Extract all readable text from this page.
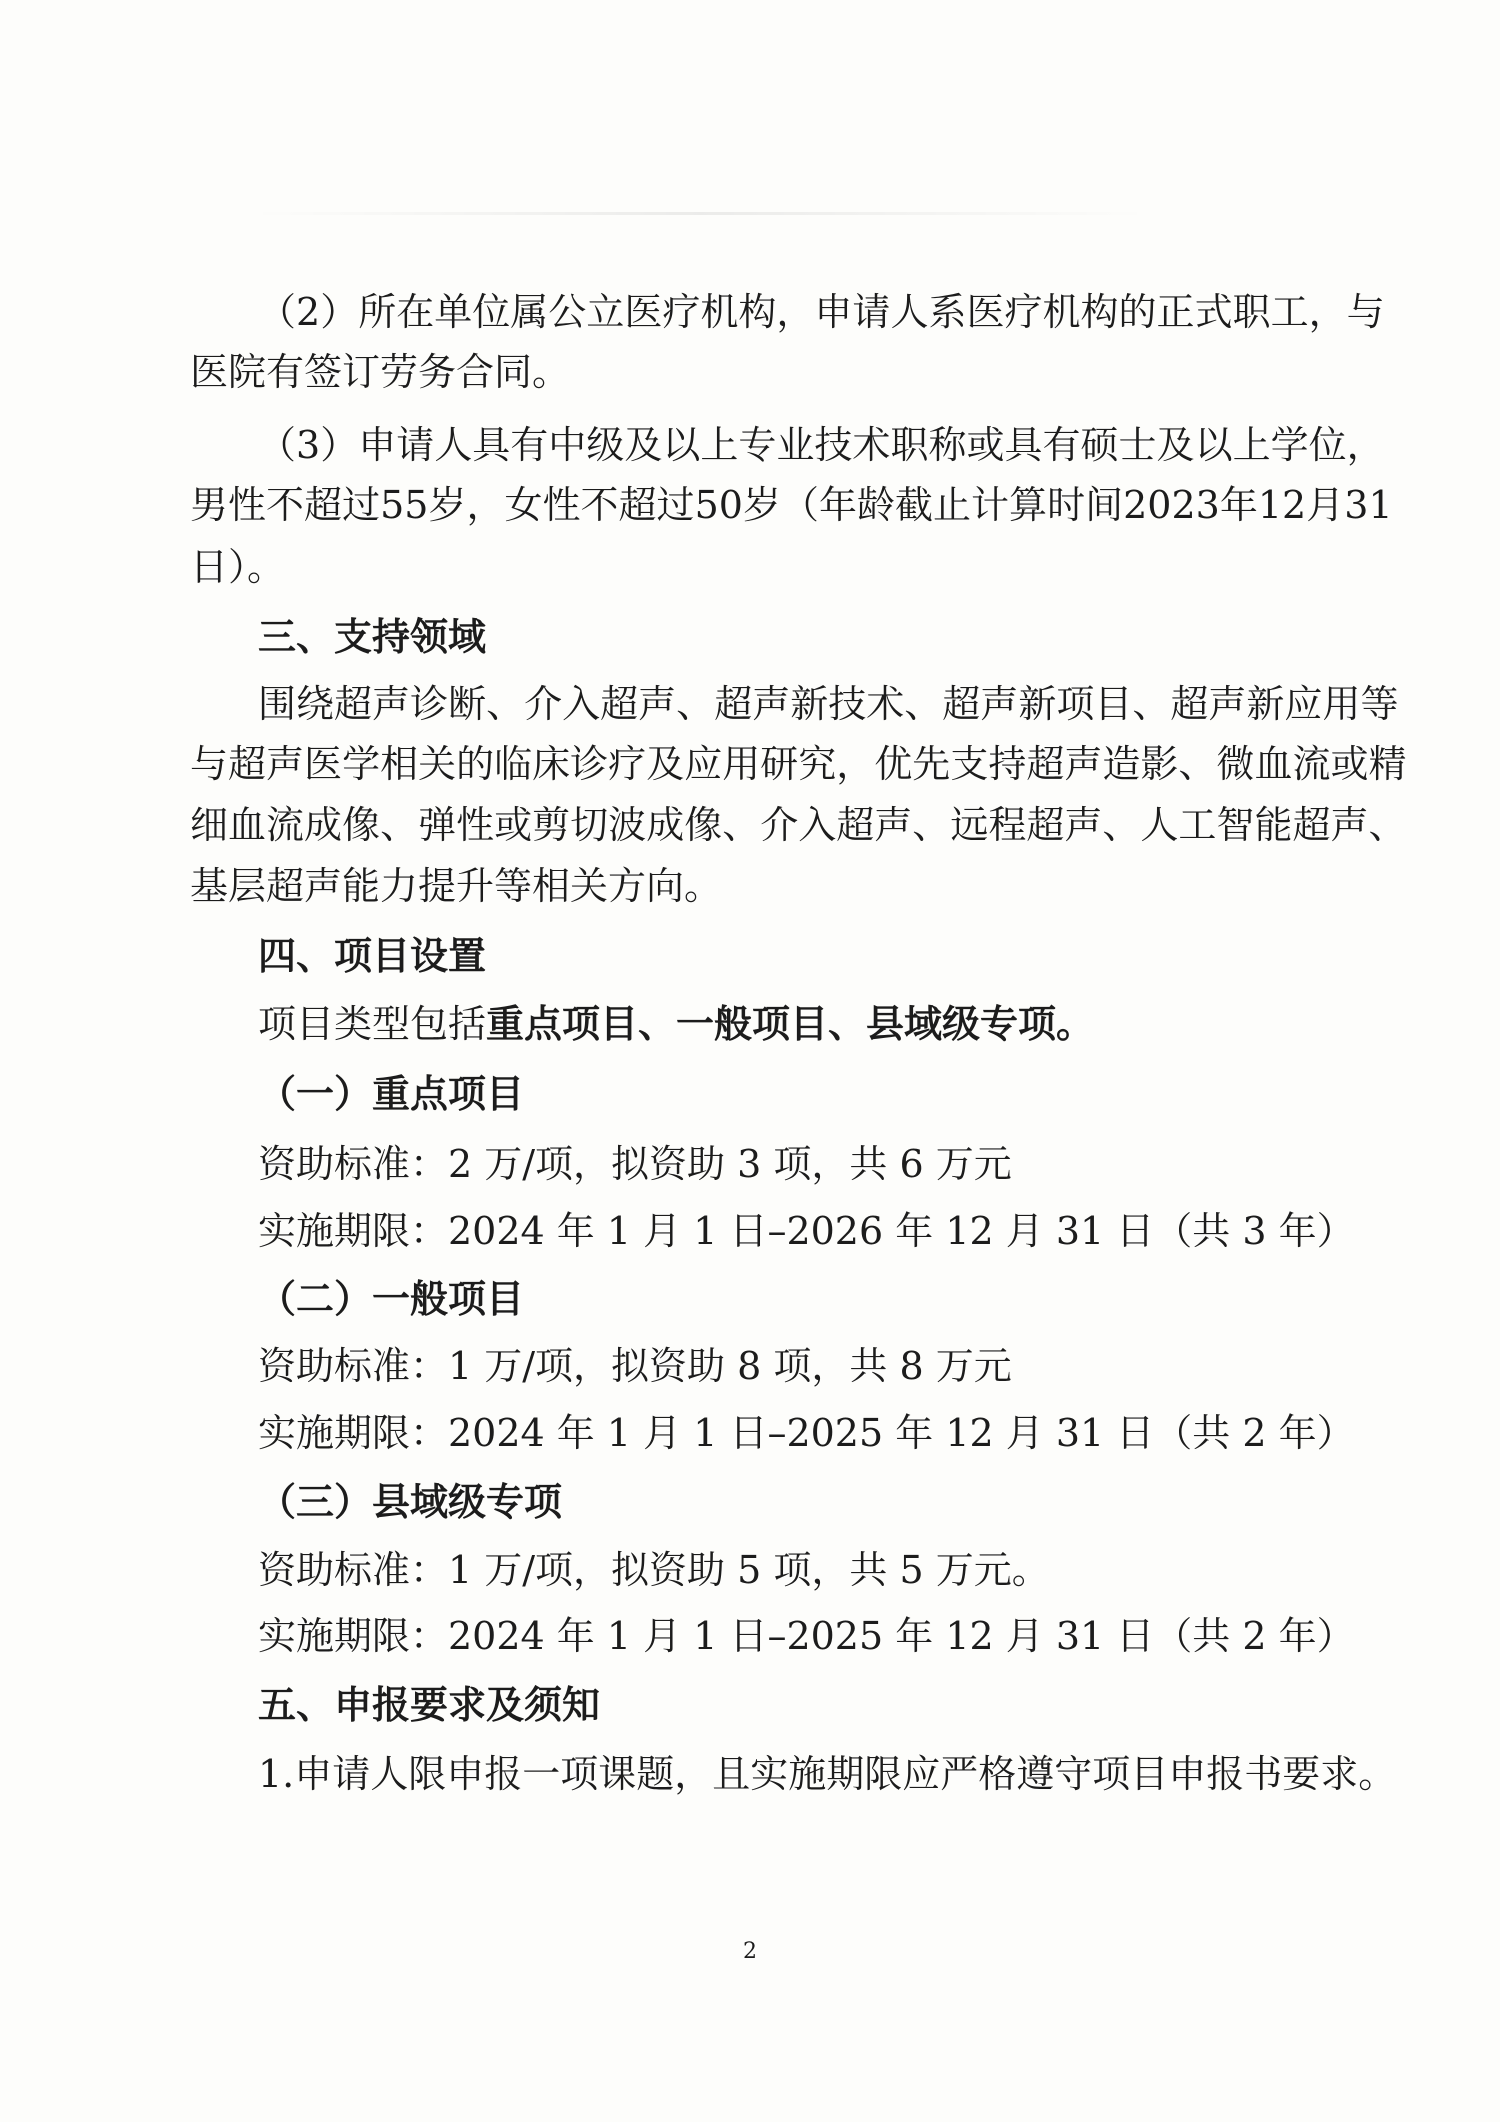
（ 2 ） 所 在 单 位 属 公 立 医 疗 机 构 ， 申 请 人 系 医 疗 机 构 的 正 式 职 工 ， 与
医院有签订劳务合同。
（ 3 ） 申 请 人 具 有 中 级 及 以 上 专 业 技 术 职 称 或 具 有 硕 士 及 以 上 学 位 ，
男 性 不 超 过 5 5 岁 ， 女 性 不 超 过 5 0 岁 （ 年 龄 截 止 计 算 时 间 2 0 2 3 年 1 2 月 3 1
日）。
三、支持领域
围 绕 超 声 诊 断 、 介 入 超 声 、 超 声 新 技 术 、 超 声 新 项 目 、 超 声 新 应 用 等
与 超 声 医 学 相 关 的 临 床 诊 疗 及 应 用 研 究 ， 优 先 支 持 超 声 造 影 、 微 血 流 或 精
细 血 流 成 像 、 弹 性 或 剪 切 波 成 像 、 介 入 超 声 、 远 程 超 声 、 人 工 智 能 超 声 、
基层超声能力提升等相关方向。
四、项目设置
项目类型包括重点项目、一般项目、县域级专项。
（一）重点项目
资助标准：2 万/项，拟资助 3 项，共 6 万元
实施期限：2024 年 1 月 1 日–2026 年 12 月 31 日（共 3 年）
（二）一般项目
资助标准：1 万/项，拟资助 8 项，共 8 万元
实施期限：2024 年 1 月 1 日–2025 年 12 月 31 日（共 2 年）
（三）县域级专项
资助标准：1 万/项，拟资助 5 项，共 5 万元。
实施期限：2024 年 1 月 1 日–2025 年 12 月 31 日（共 2 年）
五、申报要求及须知
1.申请人限申报一项课题，且实施期限应严格遵守项目申报书要求。
2
